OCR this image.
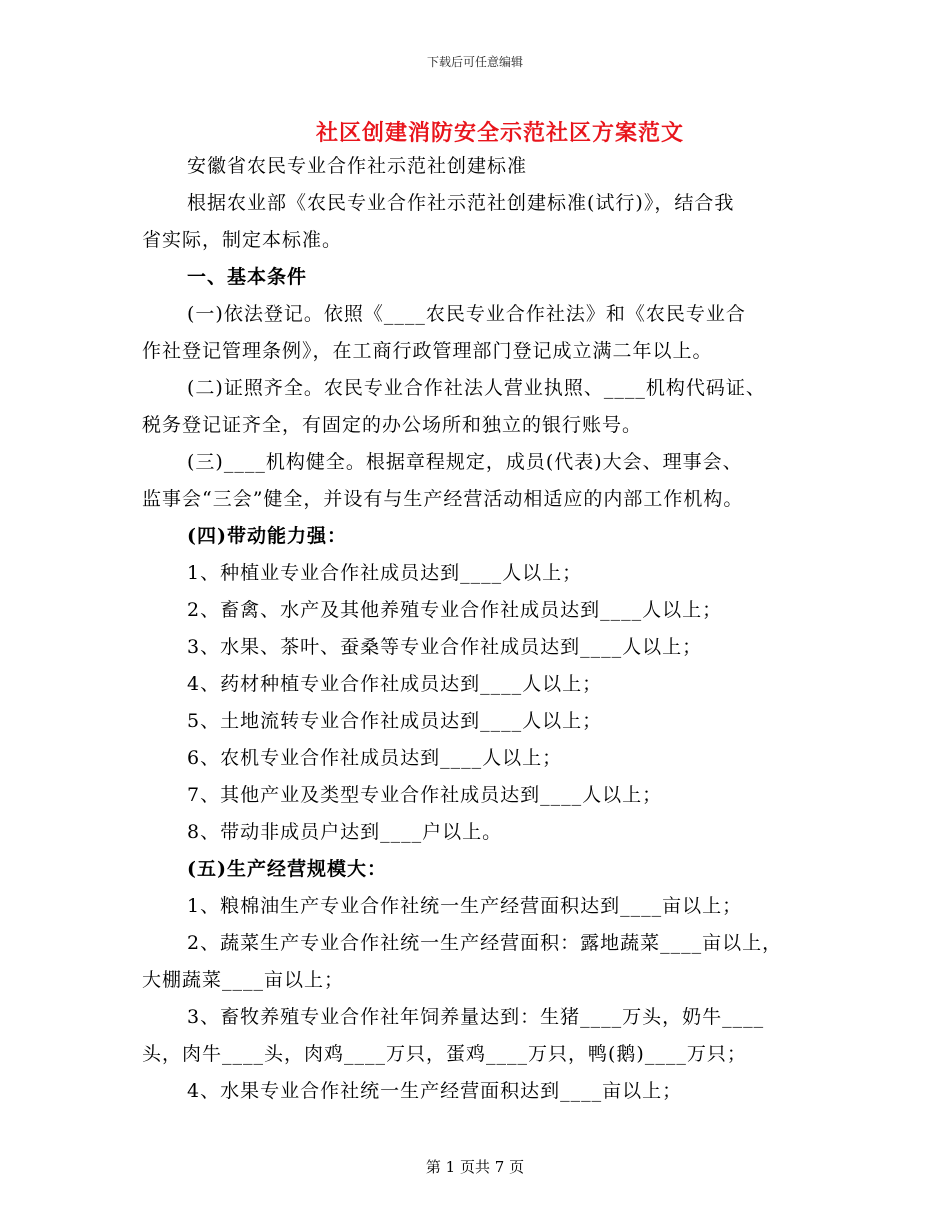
下载后可任意编辑
社区创建消防安全示范社区方案范文
安徽省农民专业合作社示范社创建标准
根据农业部《农民专业合作社示范社创建标准(试行)》，结合我
省实际，制定本标准。
一、基本条件
(一)依法登记。依照《____农民专业合作社法》和《农民专业合
作社登记管理条例》，在工商行政管理部门登记成立满二年以上。
(二)证照齐全。农民专业合作社法人营业执照、____机构代码证、
税务登记证齐全，有固定的办公场所和独立的银行账号。
(三)____机构健全。根据章程规定，成员(代表)大会、理事会、
监事会“三会”健全，并设有与生产经营活动相适应的内部工作机构。
(四)带动能力强：
1、种植业专业合作社成员达到____人以上；
2、畜禽、水产及其他养殖专业合作社成员达到____人以上；
3、水果、茶叶、蚕桑等专业合作社成员达到____人以上；
4、药材种植专业合作社成员达到____人以上；
5、土地流转专业合作社成员达到____人以上；
6、农机专业合作社成员达到____人以上；
7、其他产业及类型专业合作社成员达到____人以上；
8、带动非成员户达到____户以上。
(五)生产经营规模大：
1、粮棉油生产专业合作社统一生产经营面积达到____亩以上；
2、蔬菜生产专业合作社统一生产经营面积：露地蔬菜____亩以上，
大棚蔬菜____亩以上；
3、畜牧养殖专业合作社年饲养量达到：生猪____万头，奶牛____
头，肉牛____头，肉鸡____万只，蛋鸡____万只，鸭(鹅)____万只；
4、水果专业合作社统一生产经营面积达到____亩以上；
第 1 页共 7 页
